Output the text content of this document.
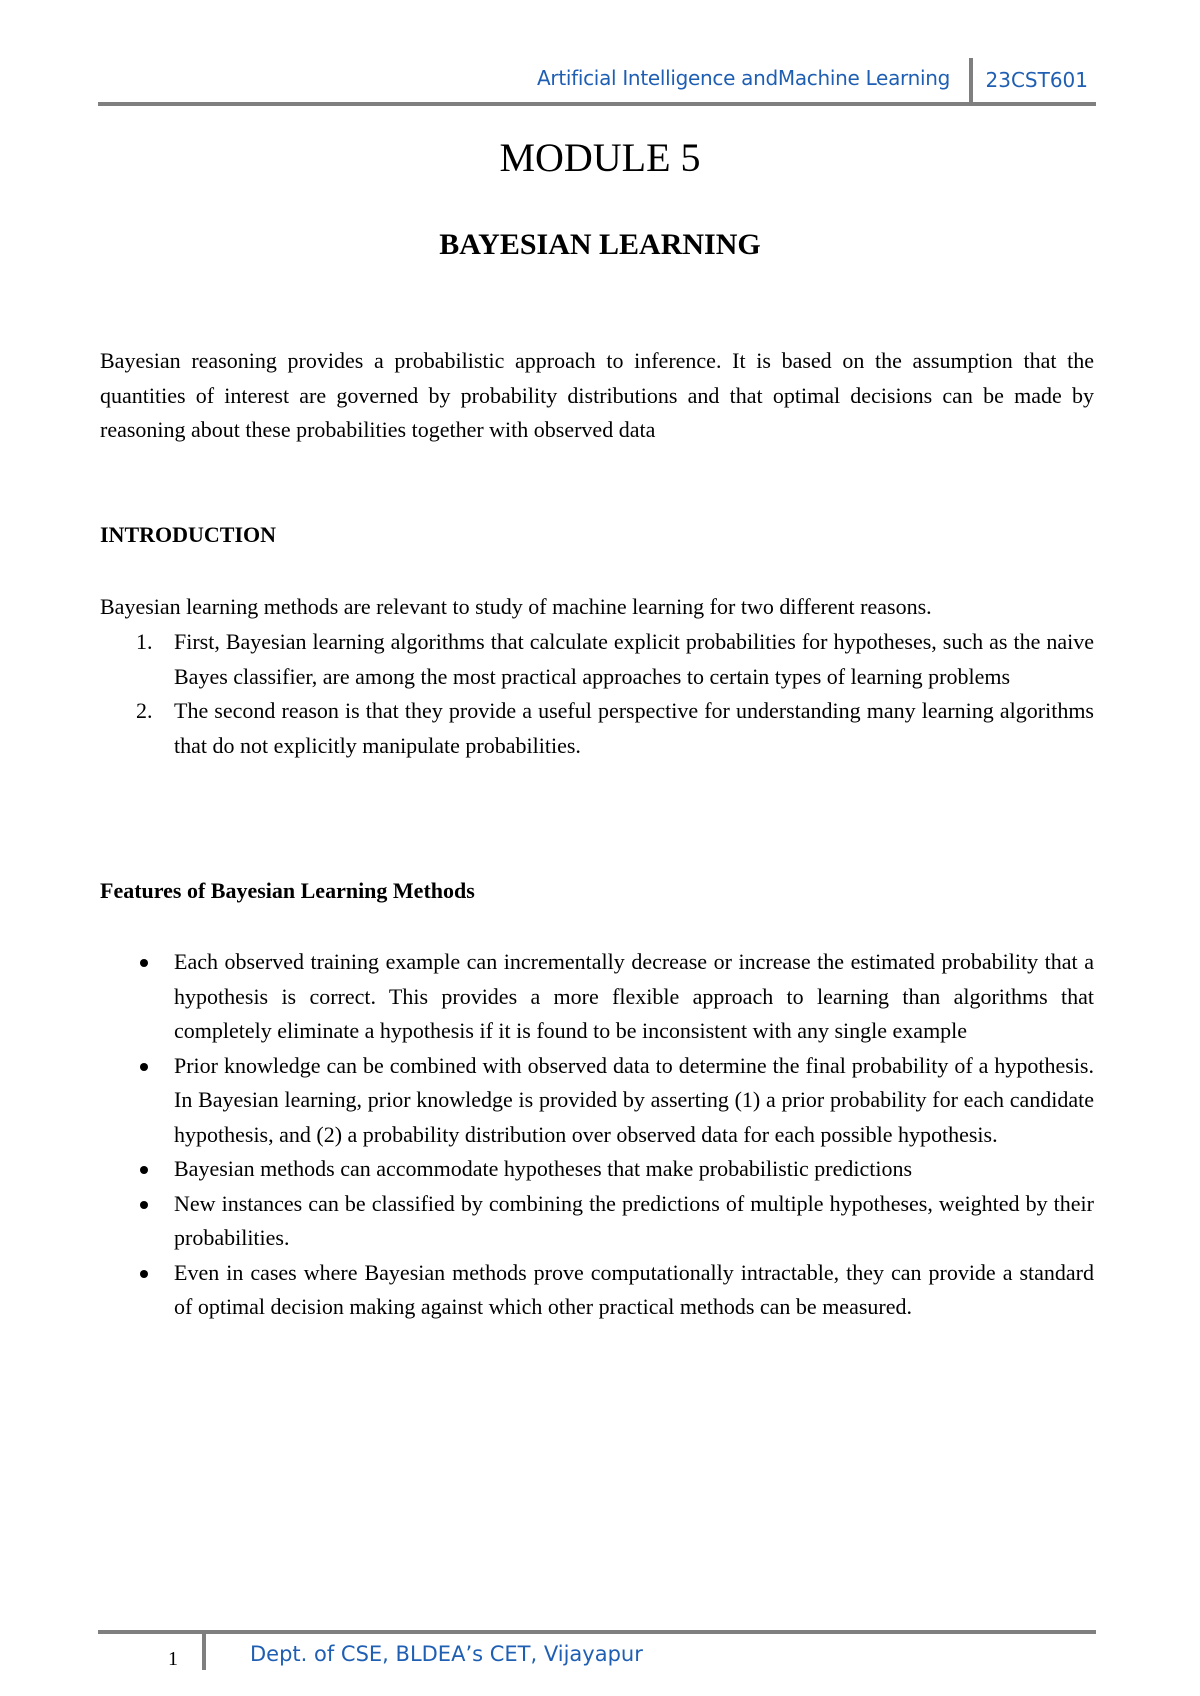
Artificial Intelligence andMachine Learning 23CST601
MODULE 5
BAYESIAN LEARNING
Bayesian reasoning provides a probabilistic approach to inference. It is based on the assumption that the quantities of interest are governed by probability distributions and that optimal decisions can be made by reasoning about these probabilities together with observed data
INTRODUCTION
Bayesian learning methods are relevant to study of machine learning for two different reasons.
1. First, Bayesian learning algorithms that calculate explicit probabilities for hypotheses, such as the naive Bayes classifier, are among the most practical approaches to certain types of learning problems
2. The second reason is that they provide a useful perspective for understanding many learning algorithms that do not explicitly manipulate probabilities.
Features of Bayesian Learning Methods
Each observed training example can incrementally decrease or increase the estimated probability that a hypothesis is correct. This provides a more flexible approach to learning than algorithms that completely eliminate a hypothesis if it is found to be inconsistent with any single example
Prior knowledge can be combined with observed data to determine the final probability of a hypothesis. In Bayesian learning, prior knowledge is provided by asserting (1) a prior probability for each candidate hypothesis, and (2) a probability distribution over observed data for each possible hypothesis.
Bayesian methods can accommodate hypotheses that make probabilistic predictions
New instances can be classified by combining the predictions of multiple hypotheses, weighted by their probabilities.
Even in cases where Bayesian methods prove computationally intractable, they can provide a standard of optimal decision making against which other practical methods can be measured.
1	Dept. of CSE, BLDEA’s CET, Vijayapur
